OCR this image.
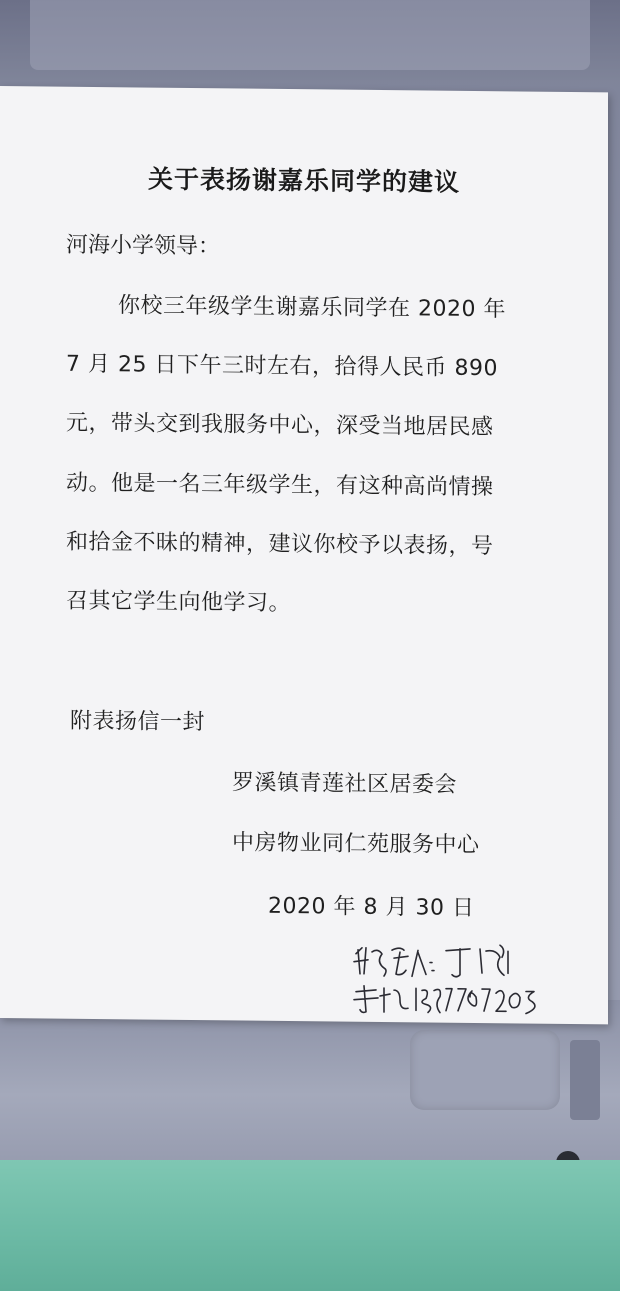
关于表扬谢嘉乐同学的建议
河海小学领导：
你校三年级学生谢嘉乐同学在 2020 年
7 月 25 日下午三时左右，拾得人民币 890
元，带头交到我服务中心，深受当地居民感
动。他是一名三年级学生，有这种高尚情操
和拾金不昧的精神，建议你校予以表扬，号
召其它学生向他学习。
附表扬信一封
罗溪镇青莲社区居委会
中房物业同仁苑服务中心
2020 年 8 月 30 日
